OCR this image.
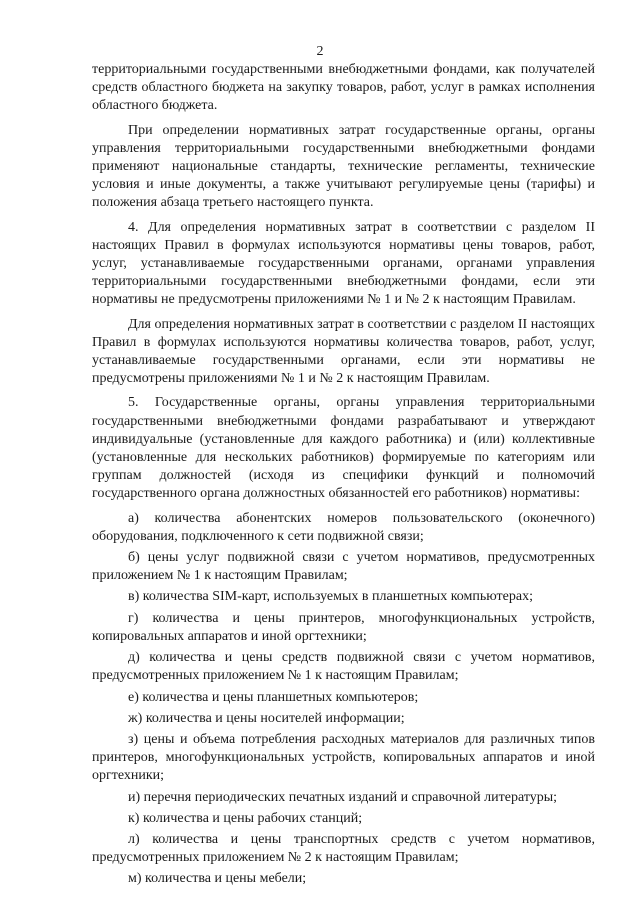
2

территориальными государственными внебюджетными фондами, как получателей средств областного бюджета на закупку товаров, работ, услуг в рамках исполнения областного бюджета.

При определении нормативных затрат государственные органы, органы управления территориальными государственными внебюджетными фондами применяют национальные стандарты, технические регламенты, технические условия и иные документы, а также учитывают регулируемые цены (тарифы) и положения абзаца третьего настоящего пункта.

4. Для определения нормативных затрат в соответствии с разделом II настоящих Правил в формулах используются нормативы цены товаров, работ, услуг, устанавливаемые государственными органами, органами управления территориальными государственными внебюджетными фондами, если эти нормативы не предусмотрены приложениями № 1 и № 2 к настоящим Правилам.

Для определения нормативных затрат в соответствии с разделом II настоящих Правил в формулах используются нормативы количества товаров, работ, услуг, устанавливаемые государственными органами, если эти нормативы не предусмотрены приложениями № 1 и № 2 к настоящим Правилам.

5. Государственные органы, органы управления территориальными государственными внебюджетными фондами разрабатывают и утверждают индивидуальные (установленные для каждого работника) и (или) коллективные (установленные для нескольких работников) формируемые по категориям или группам должностей (исходя из специфики функций и полномочий государственного органа должностных обязанностей его работников) нормативы:

а) количества абонентских номеров пользовательского (оконечного) оборудования, подключенного к сети подвижной связи;

б) цены услуг подвижной связи с учетом нормативов, предусмотренных приложением № 1 к настоящим Правилам;

в) количества SIM-карт, используемых в планшетных компьютерах;

г) количества и цены принтеров, многофункциональных устройств, копировальных аппаратов и иной оргтехники;

д) количества и цены средств подвижной связи с учетом нормативов, предусмотренных приложением № 1 к настоящим Правилам;

е) количества и цены планшетных компьютеров;

ж) количества и цены носителей информации;

з) цены и объема потребления расходных материалов для различных типов принтеров, многофункциональных устройств, копировальных аппаратов и иной оргтехники;

и) перечня периодических печатных изданий и справочной литературы;

к) количества и цены рабочих станций;

л) количества и цены транспортных средств с учетом нормативов, предусмотренных приложением № 2 к настоящим Правилам;

м) количества и цены мебели;
